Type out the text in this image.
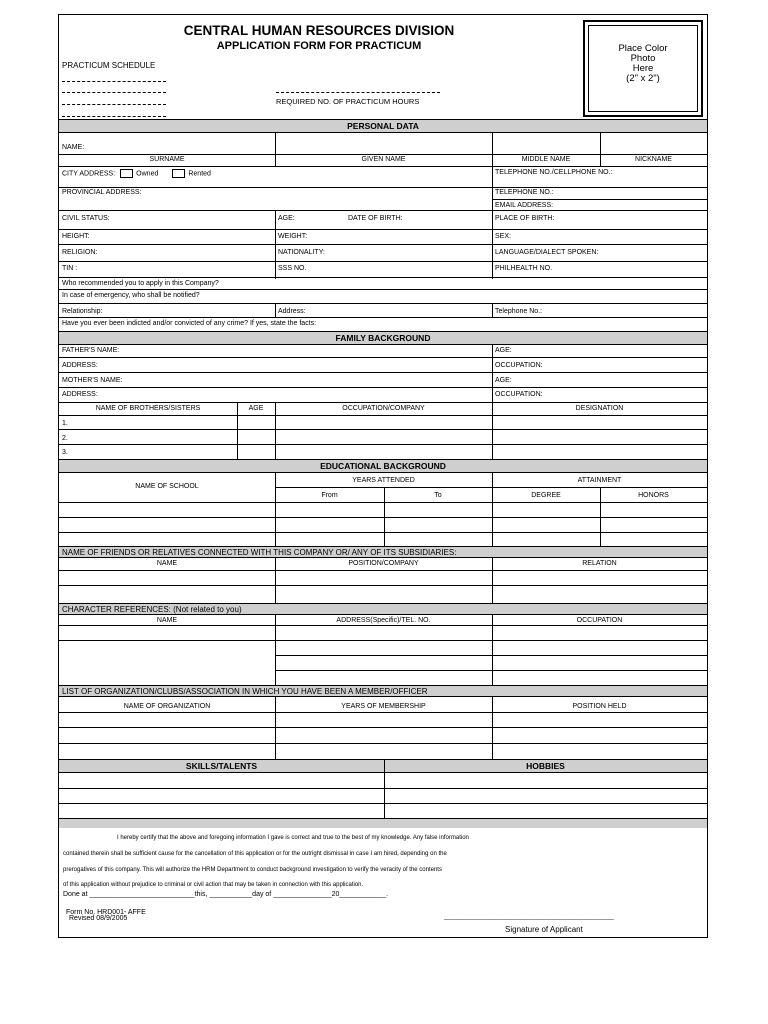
CENTRAL HUMAN RESOURCES DIVISION
APPLICATION FORM FOR PRACTICUM
PRACTICUM SCHEDULE
REQUIRED NO. OF PRACTICUM HOURS
Place Color
Photo
Here
(2" x 2")
PERSONAL DATA
NAME:
SURNAME	GIVEN NAME	MIDDLE NAME	NICKNAME
CITY ADDRESS:	Owned	Rented	TELEPHONE NO./CELLPHONE NO.:
PROVINCIAL ADDRESS:	TELEPHONE NO.:
EMAIL ADDRESS:
CIVIL STATUS:	AGE:	DATE OF BIRTH:	PLACE OF BIRTH:
HEIGHT:	WEIGHT:	SEX:
RELIGION:	NATIONALITY:	LANGUAGE/DIALECT SPOKEN:
TIN :	SSS NO.	PHILHEALTH NO.
Who recommended you to apply in this Company?
In case of emergency, who shall be notified?
Relationship:	Address:	Telephone No.:
Have you ever been indicted and/or convicted of any crime? If yes, state the facts:
FAMILY BACKGROUND
FATHER'S NAME:	AGE:
ADDRESS:	OCCUPATION:
MOTHER'S NAME:	AGE:
ADDRESS:	OCCUPATION:
NAME OF BROTHERS/SISTERS	AGE	OCCUPATION/COMPANY	DESIGNATION
1.
2.
3.
EDUCATIONAL BACKGROUND
NAME OF SCHOOL
YEARS ATTENDED	ATTAINMENT
From	To	DEGREE	HONORS
NAME OF FRIENDS OR RELATIVES CONNECTED WITH THIS COMPANY OR/ ANY OF ITS SUBSIDIARIES:
NAME	POSITION/COMPANY	RELATION
CHARACTER REFERENCES: (Not related to you)
NAME	ADDRESS(Specific)/TEL. NO.	OCCUPATION
LIST OF ORGANIZATION/CLUBS/ASSOCIATION IN WHICH YOU HAVE BEEN A MEMBER/OFFICER
NAME OF ORGANIZATION	YEARS OF MEMBERSHIP	POSITION HELD
SKILLS/TALENTS	HOBBIES
I hereby certify that the above and foregoing information I gave is correct and true to the best of my knowledge. Any false information
contained therein shall be sufficient cause for the cancellation of this application or for the outright dismissal in case I am hired, depending on the
prerogatives of this company. This will authorize the HRM Department to conduct background investigation to verify the veracity of the contents
of this application without prejudice to criminal or civil action that may be taken in connection with this application.
Done at ___________________________this, ___________day of _______________20____________.
Form No. HRD001- AFFE
Revised 08/9/2005	_______________________________________________
Signature of Applicant
